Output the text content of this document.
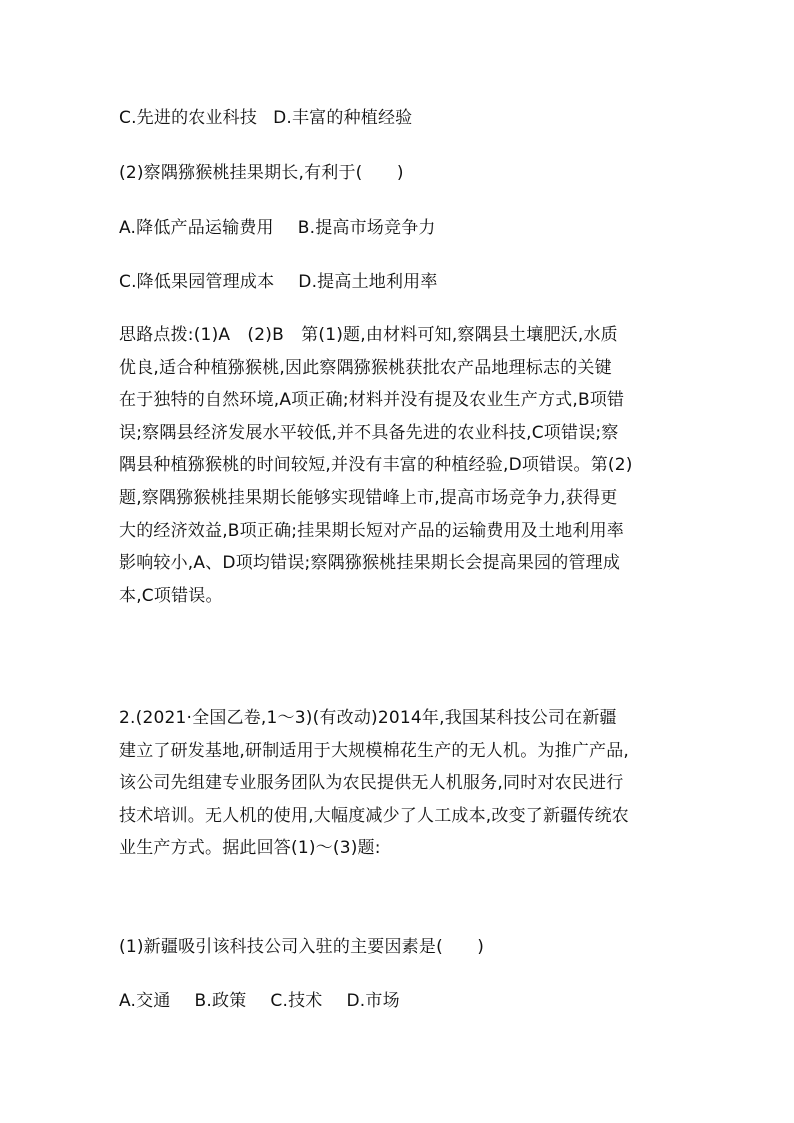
C.先进的农业科技 D.丰富的种植经验
(2)察隅猕猴桃挂果期长,有利于(　　)
A.降低产品运输费用 B.提高市场竞争力
C.降低果园管理成本 D.提高土地利用率
思路点拨:(1)A　(2)B　第(1)题,由材料可知,察隅县土壤肥沃,水质
优良,适合种植猕猴桃,因此察隅猕猴桃获批农产品地理标志的关键
在于独特的自然环境,A项正确;材料并没有提及农业生产方式,B项错
误;察隅县经济发展水平较低,并不具备先进的农业科技,C项错误;察
隅县种植猕猴桃的时间较短,并没有丰富的种植经验,D项错误。第(2)
题,察隅猕猴桃挂果期长能够实现错峰上市,提高市场竞争力,获得更
大的经济效益,B项正确;挂果期长短对产品的运输费用及土地利用率
影响较小,A、D项均错误;察隅猕猴桃挂果期长会提高果园的管理成
本,C项错误。
2.(2021·全国乙卷,1～3)(有改动)2014年,我国某科技公司在新疆
建立了研发基地,研制适用于大规模棉花生产的无人机。为推广产品,
该公司先组建专业服务团队为农民提供无人机服务,同时对农民进行
技术培训。无人机的使用,大幅度减少了人工成本,改变了新疆传统农
业生产方式。据此回答(1)～(3)题:
(1)新疆吸引该科技公司入驻的主要因素是(　　)
A.交通 B.政策 C.技术 D.市场
